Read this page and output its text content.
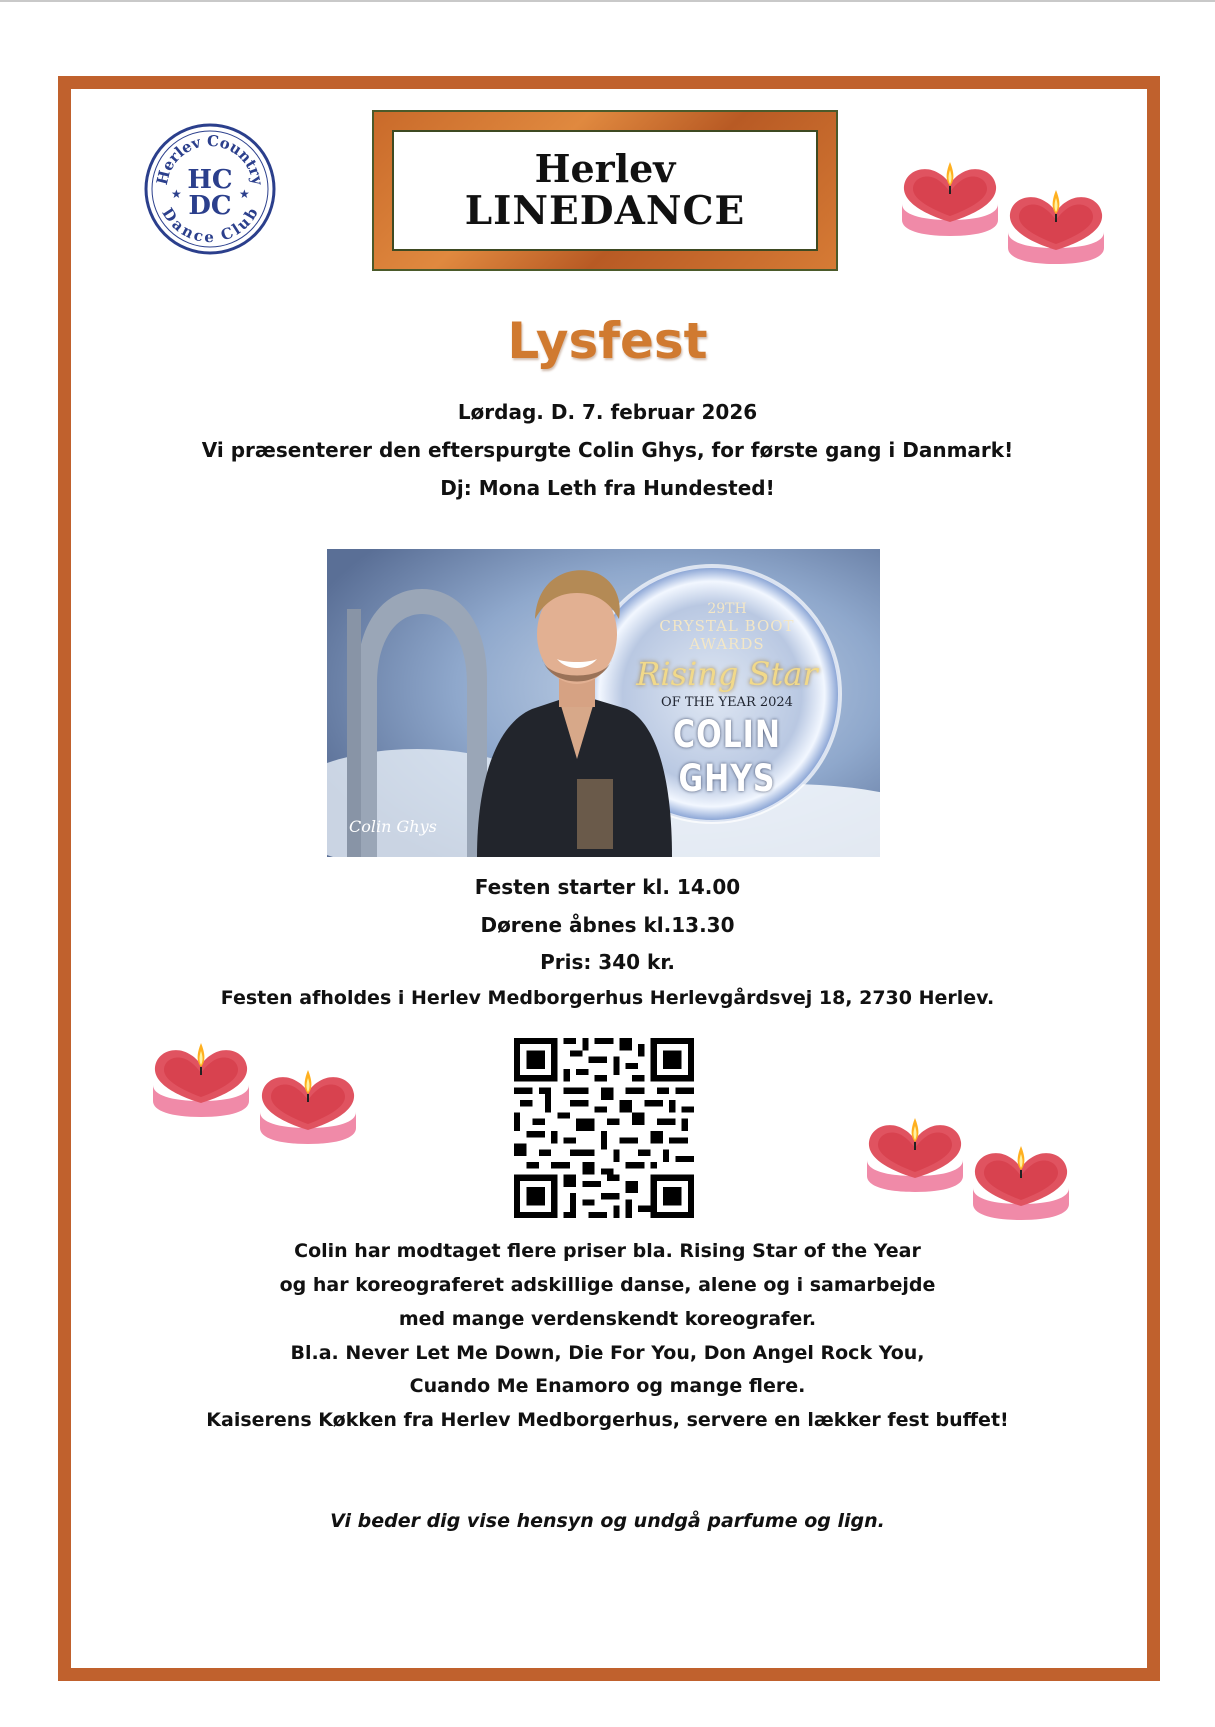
Herlev Country
Dance Club
HC
DC
★	★
Herlev
LINEDANCE
Lysfest
Lørdag. D. 7. februar 2026
Vi præsenterer den efterspurgte Colin Ghys, for første gang i Danmark!
Dj: Mona Leth fra Hundested!
29TH
CRYSTAL BOOT AWARDS
Rising Star
OF THE YEAR 2024
COLIN GHYS
Colin Ghys
Festen starter kl. 14.00
Dørene åbnes kl.13.30
Pris: 340 kr.
Festen afholdes i Herlev Medborgerhus Herlevgårdsvej 18, 2730 Herlev.
Colin har modtaget flere priser bla. Rising Star of the Year
og har koreograferet adskillige danse, alene og i samarbejde
med mange verdenskendt koreografer.
Bl.a. Never Let Me Down, Die For You, Don Angel Rock You,
Cuando Me Enamoro og mange flere.
Kaiserens Køkken fra Herlev Medborgerhus, servere en lækker fest buffet!
Vi beder dig vise hensyn og undgå parfume og lign.
